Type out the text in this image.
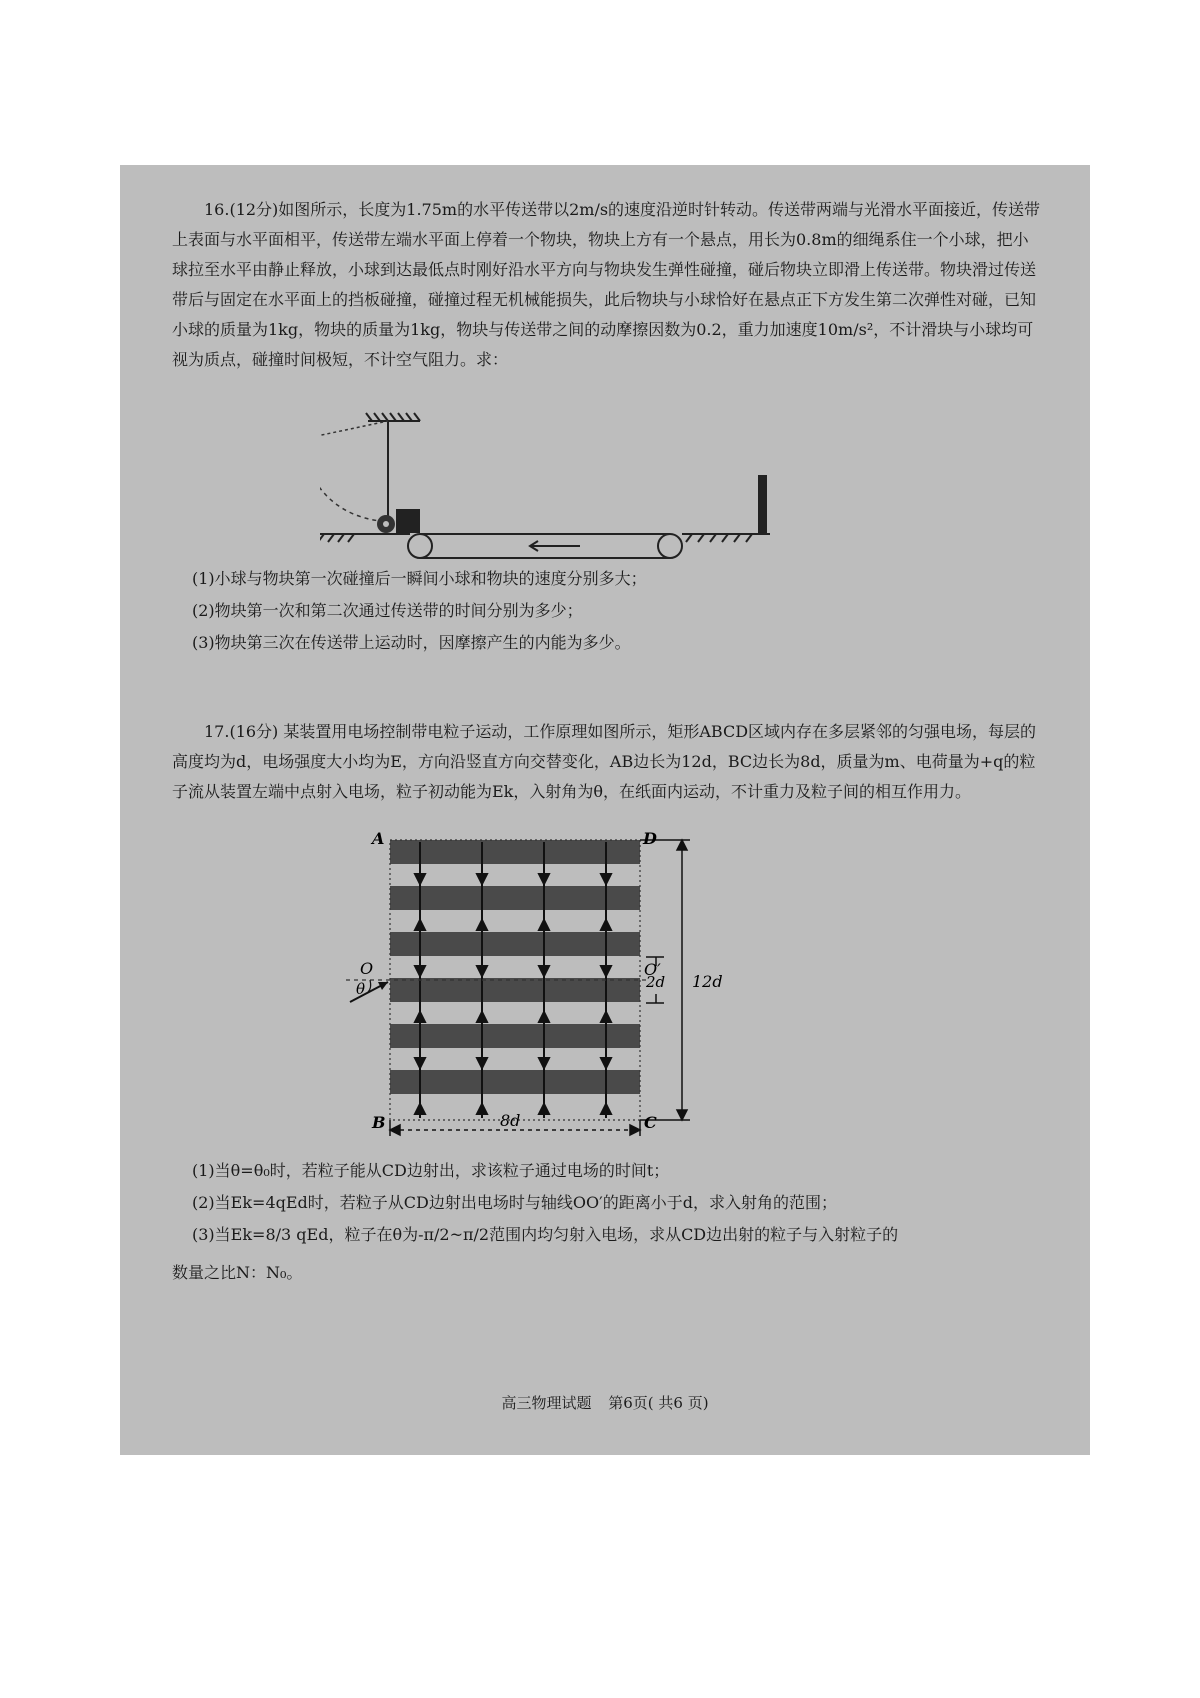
16.(12分)如图所示，长度为1.75m的水平传送带以2m/s的速度沿逆时针转动。传送带两端与光滑水平面接近，传送带上表面与水平面相平，传送带左端水平面上停着一个物块，物块上方有一个悬点，用长为0.8m的细绳系住一个小球，把小球拉至水平由静止释放，小球到达最低点时刚好沿水平方向与物块发生弹性碰撞，碰后物块立即滑上传送带。物块滑过传送带后与固定在水平面上的挡板碰撞，碰撞过程无机械能损失，此后物块与小球恰好在悬点正下方发生第二次弹性对碰，已知小球的质量为1kg，物块的质量为1kg，物块与传送带之间的动摩擦因数为0.2，重力加速度10m/s²，不计滑块与小球均可视为质点，碰撞时间极短，不计空气阻力。求：

(1)小球与物块第一次碰撞后一瞬间小球和物块的速度分别多大；
(2)物块第一次和第二次通过传送带的时间分别为多少；
(3)物块第三次在传送带上运动时，因摩擦产生的内能为多少。

17.(16分) 某装置用电场控制带电粒子运动，工作原理如图所示，矩形ABCD区域内存在多层紧邻的匀强电场，每层的高度均为d，电场强度大小均为E，方向沿竖直方向交替变化，AB边长为12d，BC边长为8d，质量为m、电荷量为+q的粒子流从装置左端中点射入电场，粒子初动能为Ek，入射角为θ，在纸面内运动，不计重力及粒子间的相互作用力。

A	D
B	C
O
θ
O′
2d 12d
8d
(1)当θ=θ₀时，若粒子能从CD边射出，求该粒子通过电场的时间t；
(2)当Ek=4qEd时，若粒子从CD边射出电场时与轴线OO′的距离小于d，求入射角的范围；
(3)当Ek=8/3 qEd，粒子在θ为-π/2~π/2范围内均匀射入电场，求从CD边出射的粒子与入射粒子的
数量之比N：N₀。
高三物理试题 第6页( 共6 页)
